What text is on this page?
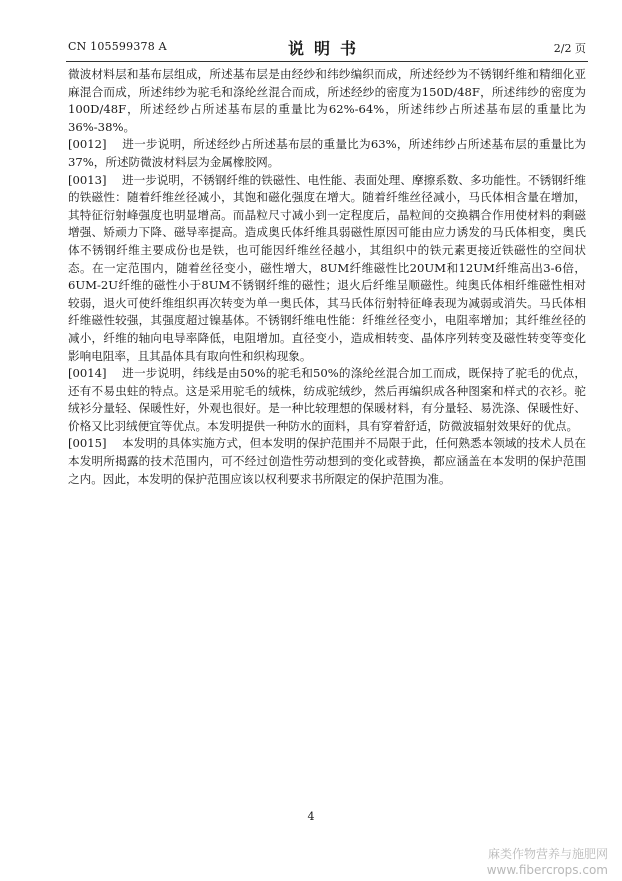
CN 105599378 A	说明书	2/2 页

微波材料层和基布层组成，所述基布层是由经纱和纬纱编织而成，所述经纱为不锈钢纤维和精细化亚麻混合而成，所述纬纱为驼毛和涤纶丝混合而成，所述经纱的密度为150D/48F，所述纬纱的密度为100D/48F，所述经纱占所述基布层的重量比为62%-64%，所述纬纱占所述基布层的重量比为36%-38%。

[0012] 进一步说明，所述经纱占所述基布层的重量比为63%，所述纬纱占所述基布层的重量比为37%，所述防微波材料层为金属橡胶网。

[0013] 进一步说明，不锈钢纤维的铁磁性、电性能、表面处理、摩擦系数、多功能性。不锈钢纤维的铁磁性：随着纤维丝径减小，其饱和磁化强度在增大。随着纤维丝径减小，马氏体相含量在增加，其特征衍射峰强度也明显增高。而晶粒尺寸减小到一定程度后，晶粒间的交换耦合作用使材料的剩磁增强、矫顽力下降、磁导率提高。造成奥氏体纤维具弱磁性原因可能由应力诱发的马氏体相变，奥氏体不锈钢纤维主要成份也是铁，也可能因纤维丝径越小，其组织中的铁元素更接近铁磁性的空间状态。在一定范围内，随着丝径变小，磁性增大，8UM纤维磁性比20UM和12UM纤维高出3-6倍，6UM-2U纤维的磁性小于8UM不锈钢纤维的磁性；退火后纤维呈顺磁性。纯奥氏体相纤维磁性相对较弱，退火可使纤维组织再次转变为单一奥氏体，其马氏体衍射特征峰表现为减弱或消失。马氏体相纤维磁性较强，其强度超过镍基体。不锈钢纤维电性能：纤维丝径变小，电阻率增加；其纤维丝径的减小，纤维的轴向电导率降低，电阻增加。直径变小，造成相转变、晶体序列转变及磁性转变等变化影响电阻率，且其晶体具有取向性和织构现象。

[0014] 进一步说明，纬线是由50%的驼毛和50%的涤纶丝混合加工而成，既保持了驼毛的优点，还有不易虫蛀的特点。这是采用驼毛的绒株，纺成驼绒纱，然后再编织成各种图案和样式的衣衫。驼绒衫分量轻、保暖性好，外观也很好。是一种比较理想的保暖材料，有分量轻、易洗涤、保暖性好、价格又比羽绒便宜等优点。本发明提供一种防水的面料，具有穿着舒适，防微波辐射效果好的优点。

[0015] 本发明的具体实施方式，但本发明的保护范围并不局限于此，任何熟悉本领域的技术人员在本发明所揭露的技术范围内，可不经过创造性劳动想到的变化或替换，都应涵盖在本发明的保护范围之内。因此，本发明的保护范围应该以权利要求书所限定的保护范围为准。

4
麻类作物营养与施肥网
www.fibercrops.com
